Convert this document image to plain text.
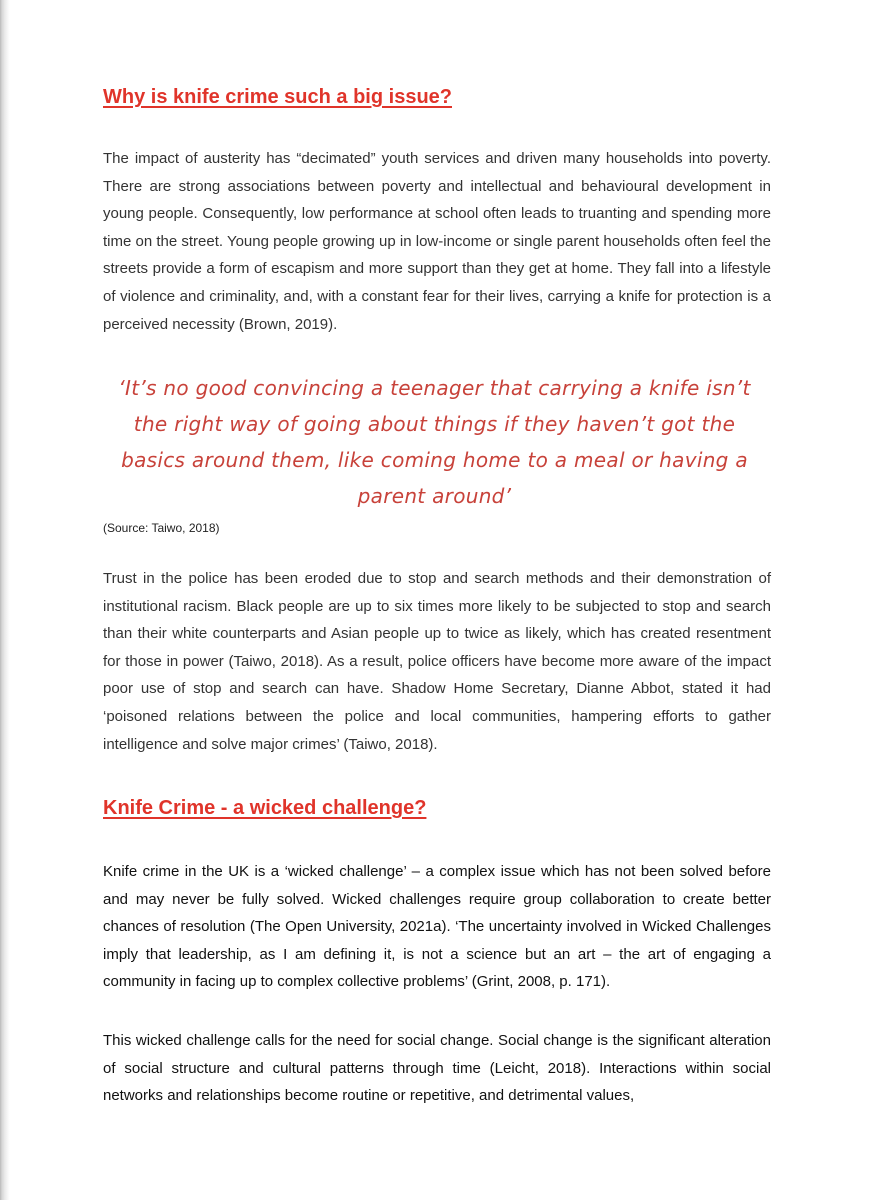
Why is knife crime such a big issue?

The impact of austerity has “decimated” youth services and driven many households into poverty. There are strong associations between poverty and intellectual and behavioural development in young people. Consequently, low performance at school often leads to truanting and spending more time on the street. Young people growing up in low-income or single parent households often feel the streets provide a form of escapism and more support than they get at home. They fall into a lifestyle of violence and criminality, and, with a constant fear for their lives, carrying a knife for protection is a perceived necessity (Brown, 2019).

Trust in the police has been eroded due to stop and search methods and their demonstration of institutional racism. Black people are up to six times more likely to be subjected to stop and search than their white counterparts and Asian people up to twice as likely, which has created resentment for those in power (Taiwo, 2018). As a result, police officers have become more aware of the impact poor use of stop and search can have. Shadow Home Secretary, Dianne Abbot, stated it had ‘poisoned relations between the police and local communities, hampering efforts to gather intelligence and solve major crimes’ (Taiwo, 2018).

Knife Crime - a wicked challenge?

Knife crime in the UK is a ‘wicked challenge’ – a complex issue which has not been solved before and may never be fully solved. Wicked challenges require group collaboration to create better chances of resolution (The Open University, 2021a). ‘The uncertainty involved in Wicked Challenges imply that leadership, as I am defining it, is not a science but an art – the art of engaging a community in facing up to complex collective problems’ (Grint, 2008, p. 171).

This wicked challenge calls for the need for social change. Social change is the significant alteration of social structure and cultural patterns through time (Leicht, 2018). Interactions within social networks and relationships become routine or repetitive, and detrimental values,

‘It’s no good convincing a teenager that carrying a knife isn’t the right way of going about things if they haven’t got the basics around them, like coming home to a meal or having a parent around’

(Source: Taiwo, 2018)
